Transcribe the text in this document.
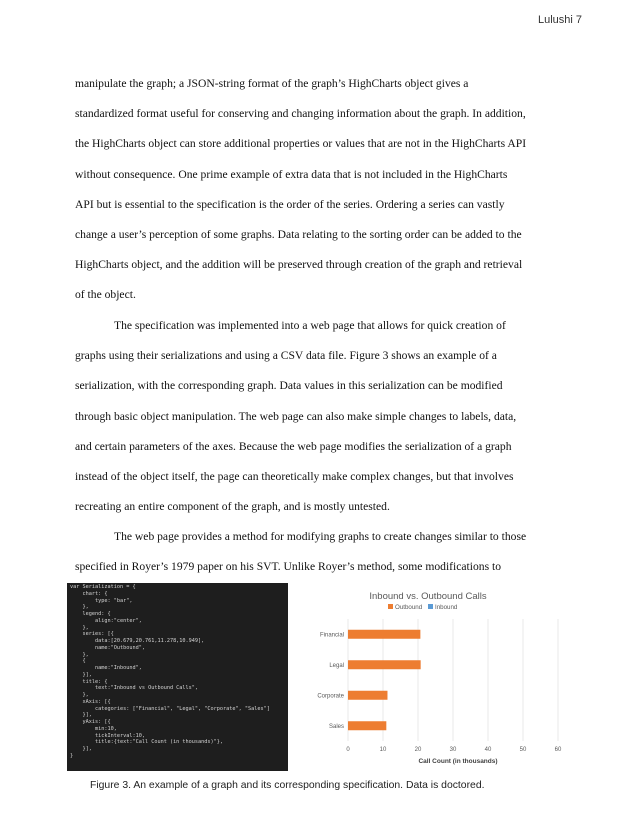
Lulushi 7
manipulate the graph; a JSON-string format of the graph’s HighCharts object gives a
standardized format useful for conserving and changing information about the graph. In addition,
the HighCharts object can store additional properties or values that are not in the HighCharts API
without consequence. One prime example of extra data that is not included in the HighCharts
API but is essential to the specification is the order of the series. Ordering a series can vastly
change a user’s perception of some graphs. Data relating to the sorting order can be added to the
HighCharts object, and the addition will be preserved through creation of the graph and retrieval
of the object.
The specification was implemented into a web page that allows for quick creation of
graphs using their serializations and using a CSV data file. Figure 3 shows an example of a
serialization, with the corresponding graph. Data values in this serialization can be modified
through basic object manipulation. The web page can also make simple changes to labels, data,
and certain parameters of the axes. Because the web page modifies the serialization of a graph
instead of the object itself, the page can theoretically make complex changes, but that involves
recreating an entire component of the graph, and is mostly untested.
The web page provides a method for modifying graphs to create changes similar to those
specified in Royer’s 1979 paper on his SVT. Unlike Royer’s method, some modifications to
var Serialization = {
chart: {
type: "bar",
},
legend: {
align:"center",
},
series: [{
data:[20.679,20.761,11.278,10.949],
name:"Outbound",
},
{
name:"Inbound",
}],
title: {
text:"Inbound vs Outbound Calls",
},
xAxis: [{
categories: ["Financial", "Legal", "Corporate", "Sales"]
}],
yAxis: [{
min:10,
tickInterval:10,
title:{text:"Call Count (in thousands)"},
}],
}
Inbound vs. Outbound Calls
Outbound Inbound
Financial
Legal
Corporate
Sales
0	10	20	30	40	50	60
Call Count (in thousands)
Figure 3. An example of a graph and its corresponding specification. Data is doctored.
